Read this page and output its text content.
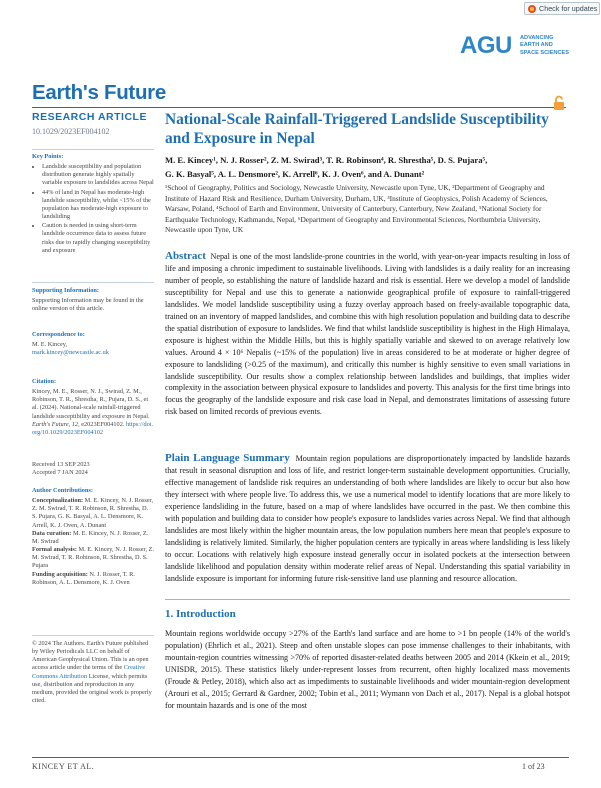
Check for updates
AGU ADVANCING
EARTH AND
SPACE SCIENCES
Earth's Future
RESEARCH ARTICLE
10.1029/2023EF004102
National-Scale Rainfall-Triggered Landslide Susceptibility and Exposure in Nepal
M. E. Kincey¹, N. J. Rosser², Z. M. Swirad³, T. R. Robinson⁴, R. Shrestha⁵, D. S. Pujara⁵,
G. K. Basyal⁵, A. L. Densmore², K. Arrell⁶, K. J. Oven⁶, and A. Dunant²
¹School of Geography, Politics and Sociology, Newcastle University, Newcastle upon Tyne, UK, ²Department of Geography and Institute of Hazard Risk and Resilience, Durham University, Durham, UK, ³Institute of Geophysics, Polish Academy of Sciences, Warsaw, Poland, ⁴School of Earth and Environment, University of Canterbury, Canterbury, New Zealand, ⁵National Society for Earthquake Technology, Kathmandu, Nepal, ⁶Department of Geography and Environmental Sciences, Northumbria University, Newcastle upon Tyne, UK
Abstract Nepal is one of the most landslide-prone countries in the world, with year-on-year impacts resulting in loss of life and imposing a chronic impediment to sustainable livelihoods. Living with landslides is a daily reality for an increasing number of people, so establishing the nature of landslide hazard and risk is essential. Here we develop a model of landslide susceptibility for Nepal and use this to generate a nationwide geographical profile of exposure to rainfall-triggered landslides. We model landslide susceptibility using a fuzzy overlay approach based on freely-available topographic data, trained on an inventory of mapped landslides, and combine this with high resolution population and building data to describe the spatial distribution of exposure to landslides. We find that whilst landslide susceptibility is highest in the High Himalaya, exposure is highest within the Middle Hills, but this is highly spatially variable and skewed to on average relatively low values. Around 4 × 10⁶ Nepalis (~15% of the population) live in areas considered to be at moderate or higher degree of exposure to landsliding (>0.25 of the maximum), and critically this number is highly sensitive to even small variations in landslide susceptibility. Our results show a complex relationship between landslides and buildings, that implies wider complexity in the association between physical exposure to landslides and poverty. This analysis for the first time brings into focus the geography of the landslide exposure and risk case load in Nepal, and demonstrates limitations of assessing future risk based on limited records of previous events.
Plain Language Summary Mountain region populations are disproportionately impacted by landslide hazards that result in seasonal disruption and loss of life, and restrict longer-term sustainable development opportunities. Crucially, effective management of landslide risk requires an understanding of both where landslides are likely to occur but also how they intersect with where people live. To address this, we use a numerical model to identify locations that are more likely to experience landsliding in the future, based on a map of where landslides have occurred in the past. We then combine this with population and building data to consider how people's exposure to landslides varies across Nepal. We find that although landslides are most likely within the higher mountain areas, the low population numbers here mean that people's exposure to landsliding is relatively limited. Similarly, the higher population centers are typically in areas where landsliding is less likely to occur. Locations with relatively high exposure instead generally occur in isolated pockets at the intersection between landslide likelihood and population density within moderate relief areas of Nepal. Understanding this spatial variability in landslide exposure is important for informing future risk-sensitive land use planning and resource allocation.
1. Introduction
Mountain regions worldwide occupy >27% of the Earth's land surface and are home to >1 bn people (14% of the world's population) (Ehrlich et al., 2021). Steep and often unstable slopes can pose immense challenges to their inhabitants, with mountain-region countries witnessing >70% of reported disaster-related deaths between 2005 and 2014 (Kkein et al., 2019; UNISDR, 2015). These statistics likely under-represent losses from recurrent, often highly localized mass movements (Froude & Petley, 2018), which also act as impediments to sustainable livelihoods and wider mountain-region development (Arouri et al., 2015; Gerrard & Gardner, 2002; Tobin et al., 2011; Wymann von Dach et al., 2017). Nepal is a global hotspot for mountain hazards and is one of the most
Key Points:
• Landslide susceptibility and population distribution generate highly spatially variable exposure to landslides across Nepal
• 44% of land in Nepal has moderate-high landslide susceptibility, whilst <15% of the population has moderate-high exposure to landsliding
• Caution is needed in using short-term landslide occurrence data to assess future risks due to rapidly changing susceptibility and exposure
Supporting Information:
Supporting Information may be found in the online version of this article.
Correspondence to:
M. E. Kincey,
mark.kincey@newcastle.ac.uk
Citation:
Kincey, M. E., Rosser, N. J., Swirad, Z. M., Robinson, T. R., Shrestha, R., Pujara, D. S., et al. (2024). National-scale rainfall-triggered landslide susceptibility and exposure in Nepal. Earth's Future, 12, e2023EF004102. https://doi.org/10.1029/2023EF004102
Received 13 SEP 2023
Accepted 7 JAN 2024
Author Contributions:
Conceptualization: M. E. Kincey, N. J. Rosser, Z. M. Swirad, T. R. Robinson, R. Shrestha, D. S. Pujara, G. K. Basyal, A. L. Densmore, K. Arrell, K. J. Oven, A. Dunant
Data curation: M. E. Kincey, N. J. Rosser, Z. M. Swirad
Formal analysis: M. E. Kincey, N. J. Rosser, Z. M. Swirad, T. R. Robinson, R. Shrestha, D. S. Pujara
Funding acquisition: N. J. Rosser, T. R. Robinson, A. L. Densmore, K. J. Oven
© 2024 The Authors. Earth's Future published by Wiley Periodicals LLC on behalf of American Geophysical Union. This is an open access article under the terms of the Creative Commons Attribution License, which permits use, distribution and reproduction in any medium, provided the original work is properly cited.
KINCEY ET AL.	1 of 23
